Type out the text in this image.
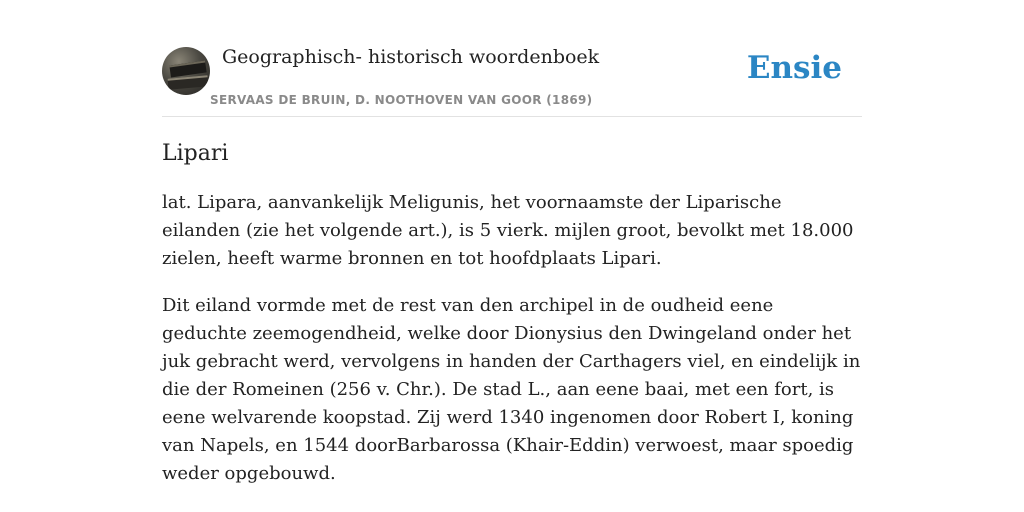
Geographisch- historisch woordenboek
SERVAAS DE BRUIN, D. NOOTHOVEN VAN GOOR (1869)
Ensie
Lipari

lat. Lipara, aanvankelijk Meligunis, het voornaamste der Liparische eilanden (zie het volgende art.), is 5 vierk. mijlen groot, bevolkt met 18.000 zielen, heeft warme bronnen en tot hoofdplaats Lipari.

Dit eiland vormde met de rest van den archipel in de oudheid eene geduchte zeemogendheid, welke door Dionysius den Dwingeland onder het juk gebracht werd, vervolgens in handen der Carthagers viel, en eindelijk in die der Romeinen (256 v. Chr.). De stad L., aan eene baai, met een fort, is eene welvarende koopstad. Zij werd 1340 ingenomen door Robert I, koning van Napels, en 1544 doorBarbarossa (Khair-Eddin) verwoest, maar spoedig weder opgebouwd.
